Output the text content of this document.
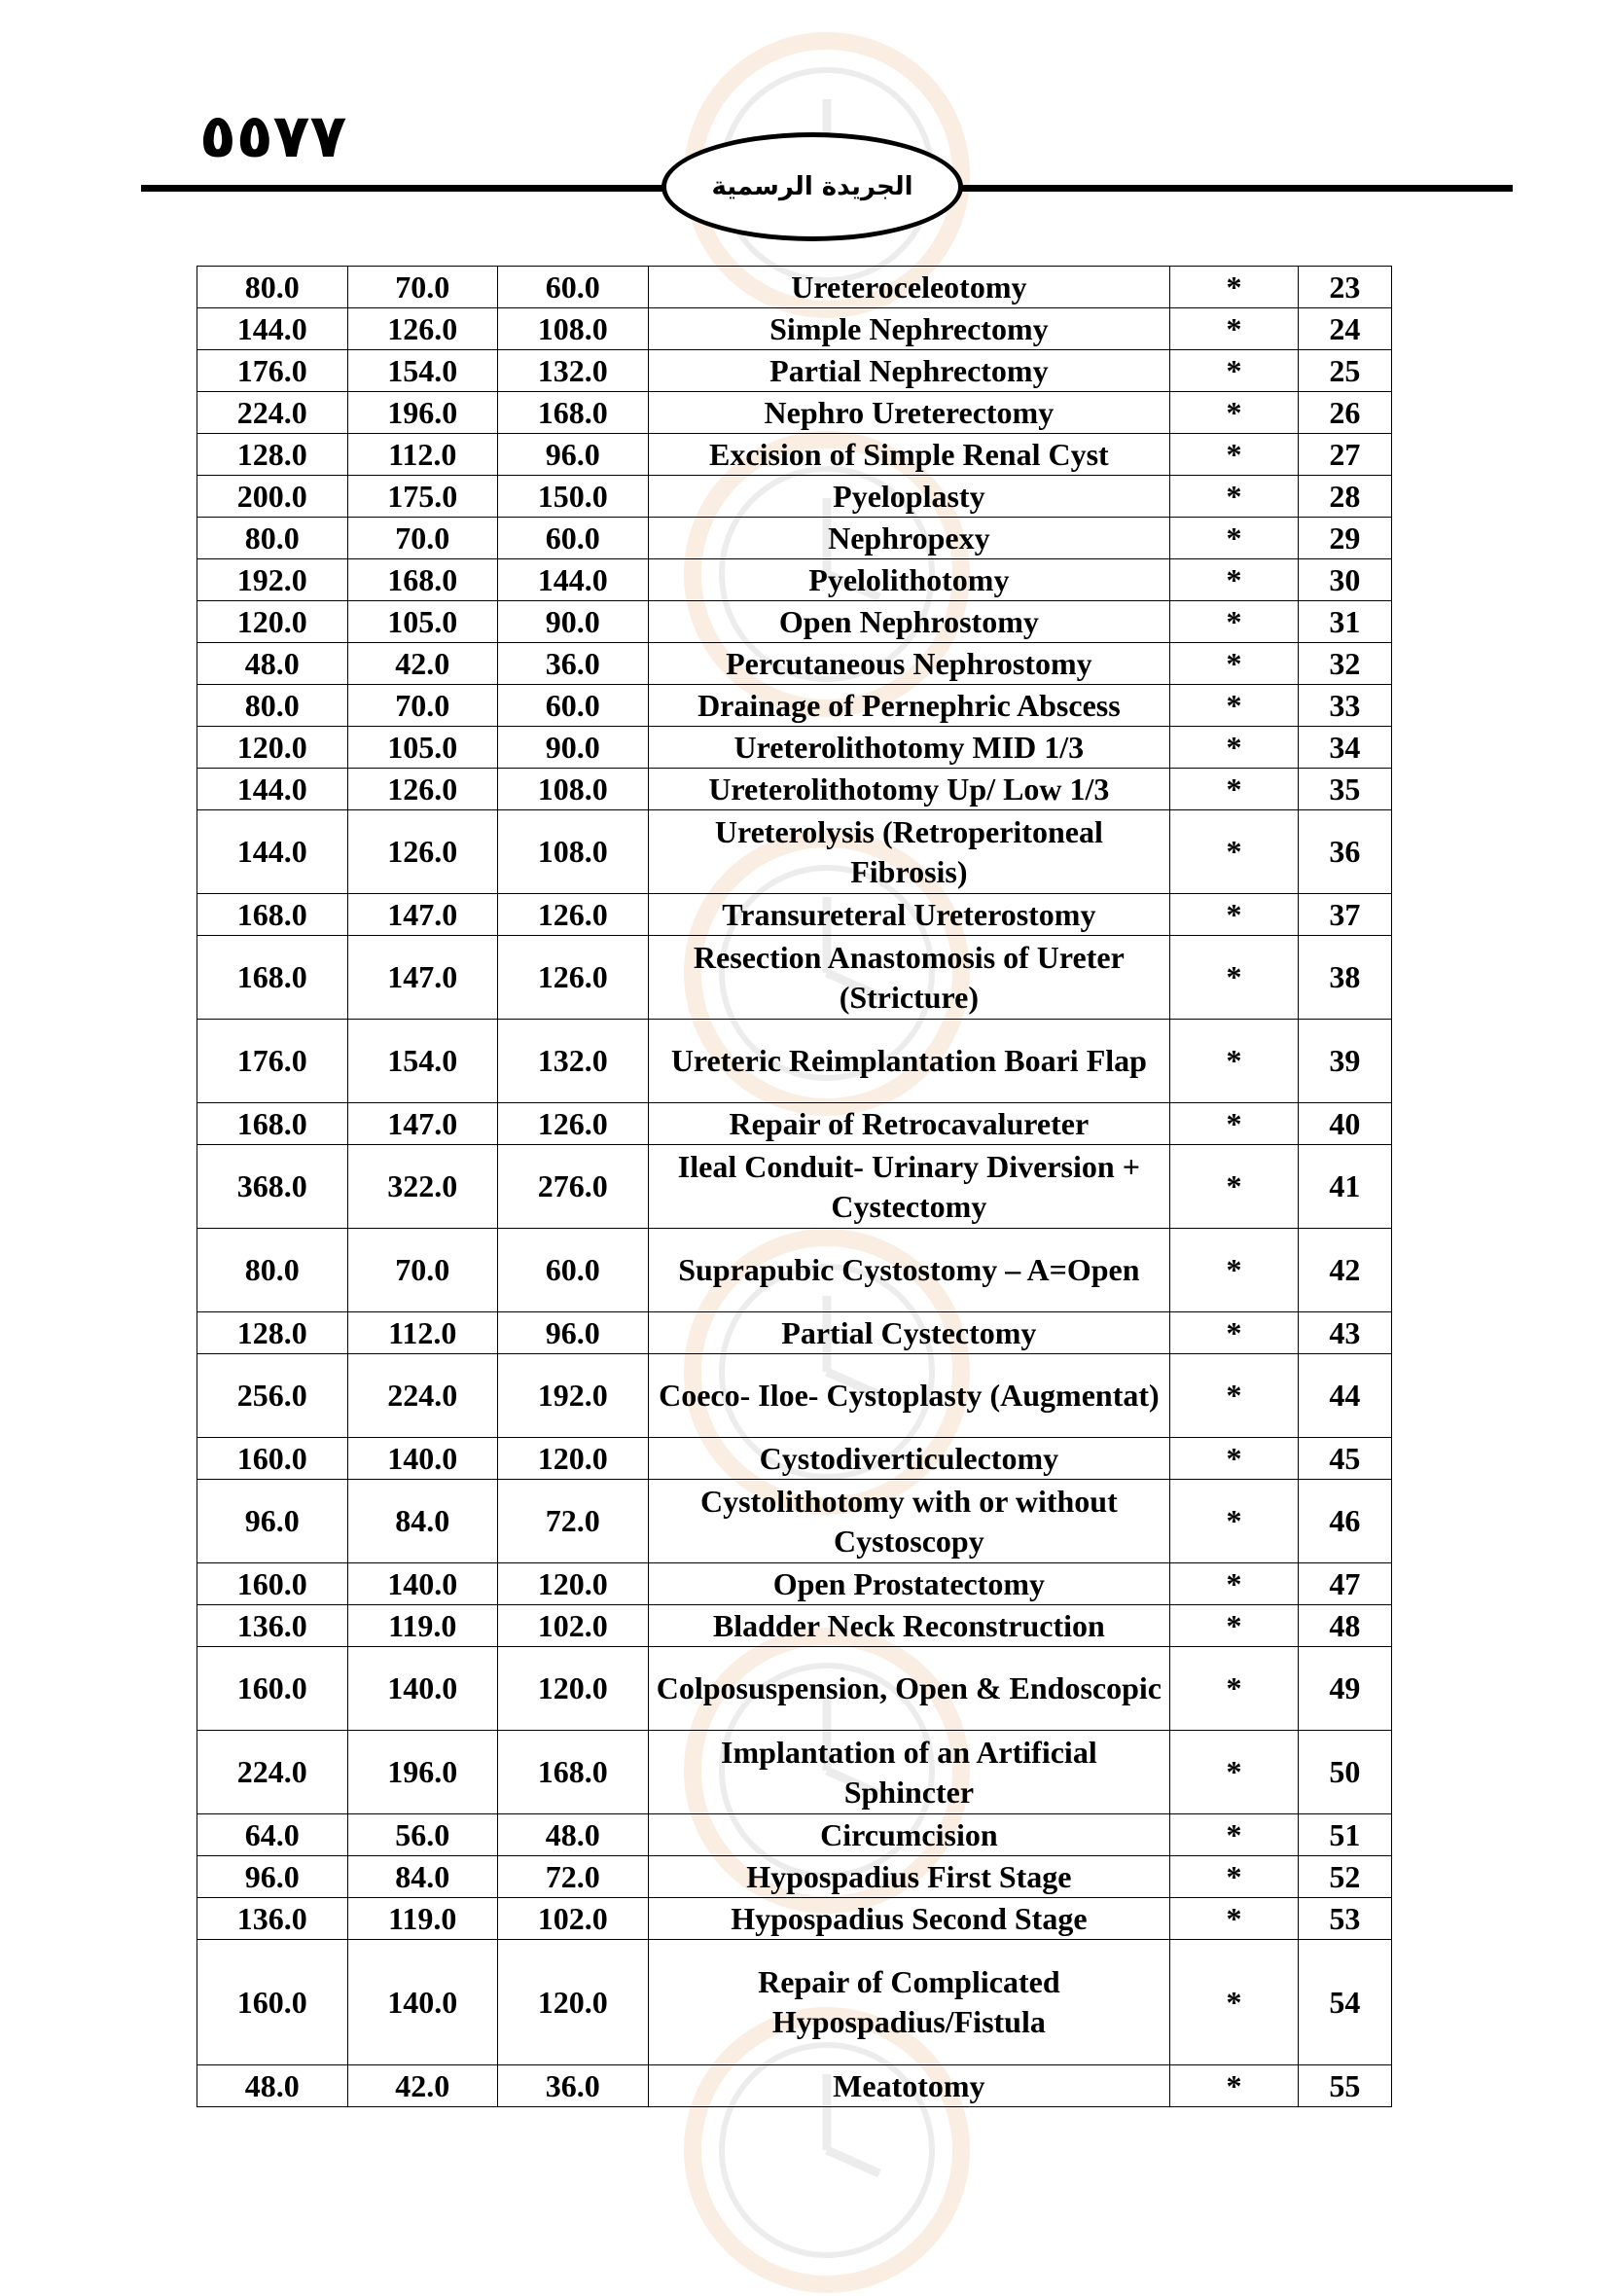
٥٥٧٧
الجريدة الرسمية
80.0	70.0	60.0	Ureteroceleotomy	*	23
144.0	126.0	108.0	Simple Nephrectomy	*	24
176.0	154.0	132.0	Partial Nephrectomy	*	25
224.0	196.0	168.0	Nephro Ureterectomy	*	26
128.0	112.0	96.0	Excision of Simple Renal Cyst	*	27
200.0	175.0	150.0	Pyeloplasty	*	28
80.0	70.0	60.0	Nephropexy	*	29
192.0	168.0	144.0	Pyelolithotomy	*	30
120.0	105.0	90.0	Open Nephrostomy	*	31
48.0	42.0	36.0	Percutaneous Nephrostomy	*	32
80.0	70.0	60.0	Drainage of Pernephric Abscess	*	33
120.0	105.0	90.0	Ureterolithotomy MID 1/3	*	34
144.0	126.0	108.0	Ureterolithotomy Up/ Low 1/3	*	35
144.0	126.0	108.0	Ureterolysis (Retroperitoneal Fibrosis)	*	36
168.0	147.0	126.0	Transureteral Ureterostomy	*	37
168.0	147.0	126.0	Resection Anastomosis of Ureter (Stricture)	*	38
176.0	154.0	132.0	Ureteric Reimplantation Boari Flap	*	39
168.0	147.0	126.0	Repair of Retrocavalureter	*	40
368.0	322.0	276.0	Ileal Conduit- Urinary Diversion + Cystectomy	*	41
80.0	70.0	60.0	Suprapubic Cystostomy – A=Open	*	42
128.0	112.0	96.0	Partial Cystectomy	*	43
256.0	224.0	192.0	Coeco- Iloe- Cystoplasty (Augmentat)	*	44
160.0	140.0	120.0	Cystodiverticulectomy	*	45
96.0	84.0	72.0	Cystolithotomy with or without Cystoscopy	*	46
160.0	140.0	120.0	Open Prostatectomy	*	47
136.0	119.0	102.0	Bladder Neck Reconstruction	*	48
160.0	140.0	120.0	Colposuspension, Open & Endoscopic	*	49
224.0	196.0	168.0	Implantation of an Artificial Sphincter	*	50
64.0	56.0	48.0	Circumcision	*	51
96.0	84.0	72.0	Hypospadius First Stage	*	52
136.0	119.0	102.0	Hypospadius Second Stage	*	53
160.0	140.0	120.0	Repair of Complicated Hypospadius/Fistula	*	54
48.0	42.0	36.0	Meatotomy	*	55
